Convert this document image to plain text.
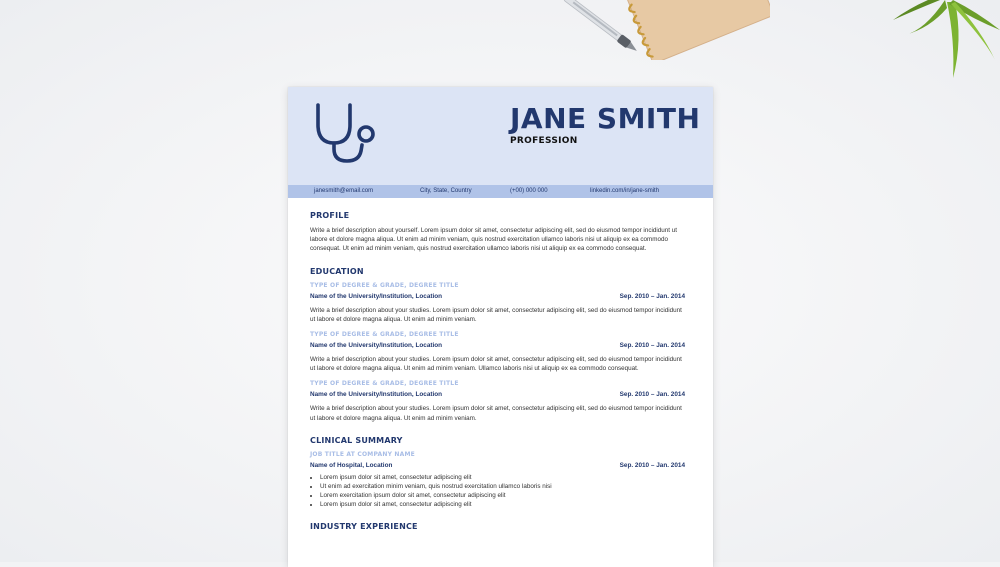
JANE SMITH
PROFESSION
janesmith@email.com	City, State, Country	(+00) 000 000	linkedin.com/in/jane-smith
PROFILE

Write a brief description about yourself. Lorem ipsum dolor sit amet, consectetur adipiscing elit, sed do eiusmod tempor incididunt ut labore et dolore magna aliqua. Ut enim ad minim veniam, quis nostrud exercitation ullamco laboris nisi ut aliquip ex ea commodo consequat. Ut enim ad minim veniam, quis nostrud exercitation ullamco laboris nisi ut aliquip ex ea commodo consequat.

EDUCATION
TYPE OF DEGREE & GRADE, DEGREE TITLE
Name of the University/Institution, Location	Sep. 2010 – Jan. 2014

Write a brief description about your studies. Lorem ipsum dolor sit amet, consectetur adipiscing elit, sed do eiusmod tempor incididunt ut labore et dolore magna aliqua. Ut enim ad minim veniam.

TYPE OF DEGREE & GRADE, DEGREE TITLE
Name of the University/Institution, Location	Sep. 2010 – Jan. 2014

Write a brief description about your studies. Lorem ipsum dolor sit amet, consectetur adipiscing elit, sed do eiusmod tempor incididunt ut labore et dolore magna aliqua. Ut enim ad minim veniam. Ullamco laboris nisi ut aliquip ex ea commodo consequat.

TYPE OF DEGREE & GRADE, DEGREE TITLE
Name of the University/Institution, Location	Sep. 2010 – Jan. 2014

Write a brief description about your studies. Lorem ipsum dolor sit amet, consectetur adipiscing elit, sed do eiusmod tempor incididunt ut labore et dolore magna aliqua. Ut enim ad minim veniam.

CLINICAL SUMMARY
JOB TITLE AT COMPANY NAME
Name of Hospital, Location	Sep. 2010 – Jan. 2014
• Lorem ipsum dolor sit amet, consectetur adipiscing elit
• Ut enim ad exercitation minim veniam, quis nostrud exercitation ullamco laboris nisi
• Lorem exercitation ipsum dolor sit amet, consectetur adipiscing elit
• Lorem ipsum dolor sit amet, consectetur adipiscing elit
INDUSTRY EXPERIENCE
